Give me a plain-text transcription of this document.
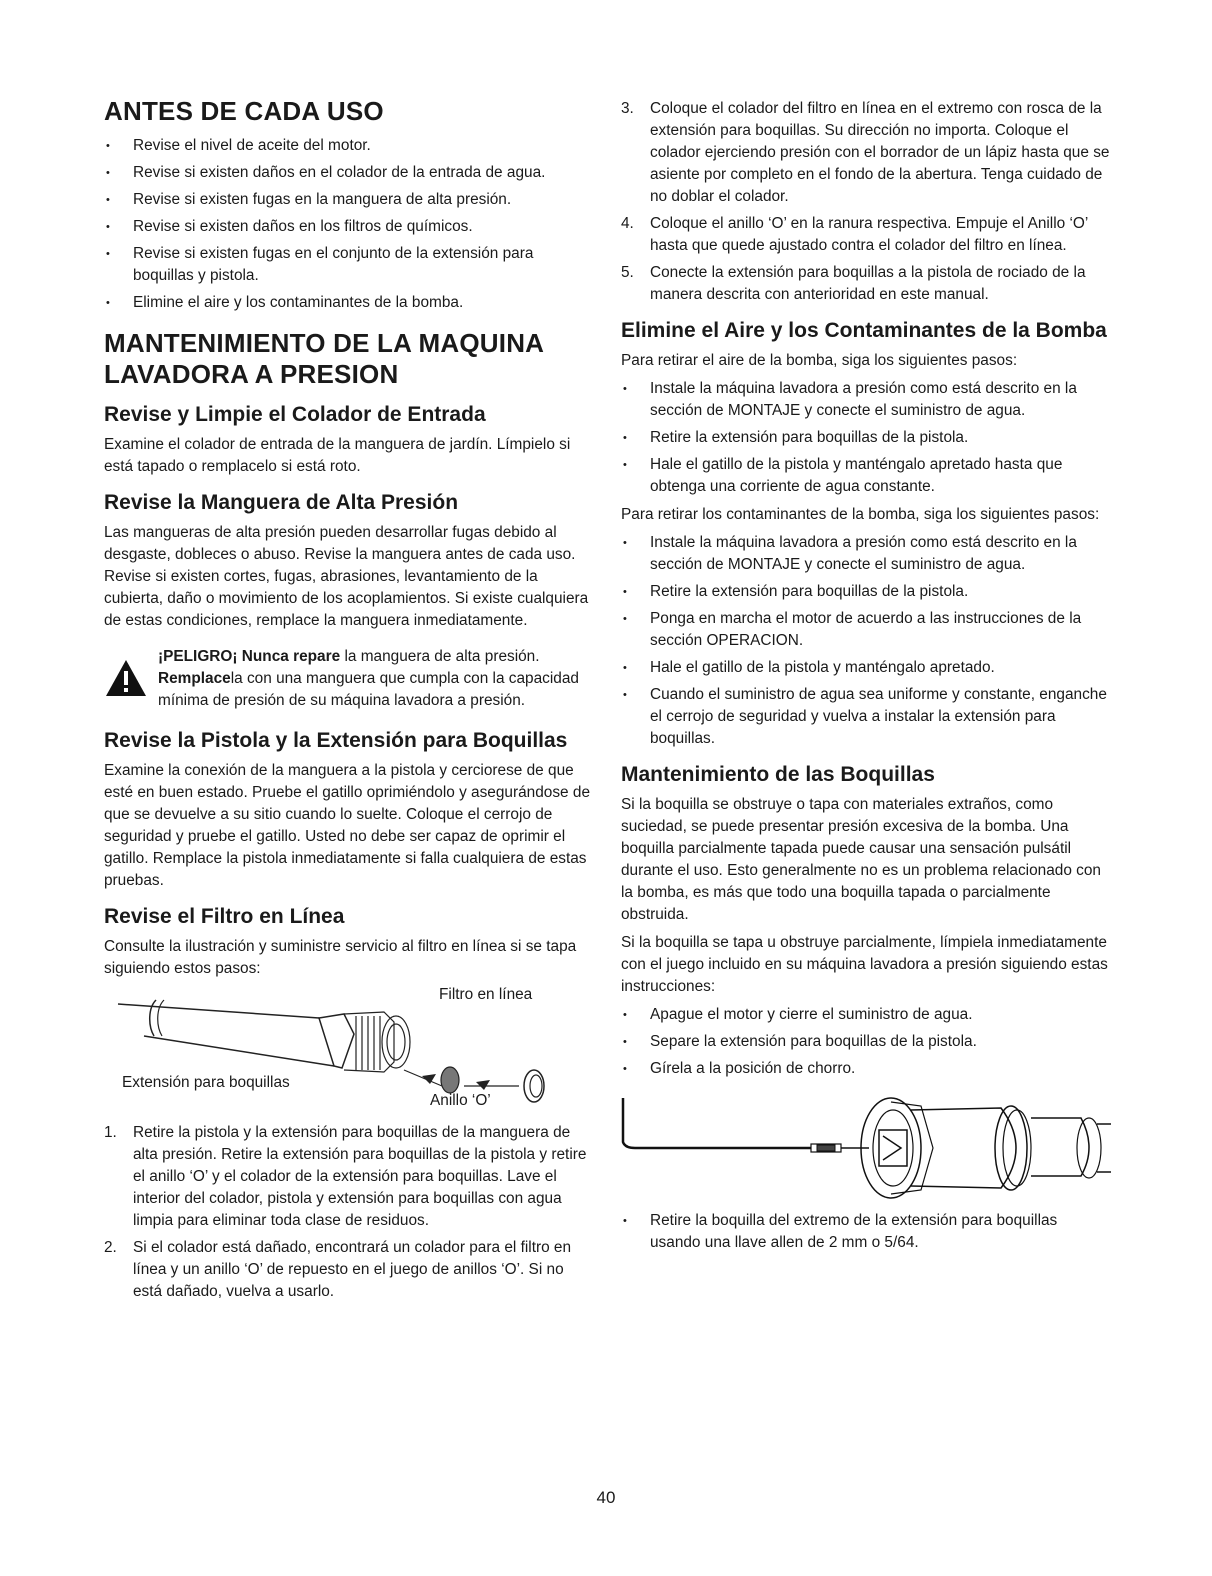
ANTES DE CADA USO
• Revise el nivel de aceite del motor.
• Revise si existen daños en el colador de la entrada de agua.
• Revise si existen fugas en la manguera de alta presión.
• Revise si existen daños en los filtros de químicos.
• Revise si existen fugas en el conjunto de la extensión para boquillas y pistola.
• Elimine el aire y los contaminantes de la bomba.
MANTENIMIENTO DE LA MAQUINA LAVADORA A PRESION
Revise y Limpie el Colador de Entrada

Examine el colador de entrada de la manguera de jardín. Límpielo si está tapado o remplacelo si está roto.

Revise la Manguera de Alta Presión

Las mangueras de alta presión pueden desarrollar fugas debido al desgaste, dobleces o abuso. Revise la manguera antes de cada uso. Revise si existen cortes, fugas, abrasiones, levantamiento de la cubierta, daño o movimiento de los acoplamientos. Si existe cualquiera de estas condiciones, remplace la manguera inmediatamente.

¡PELIGRO¡ Nunca repare la manguera de alta presión. Remplacela con una manguera que cumpla con la capacidad mínima de presión de su máquina lavadora a presión.
Revise la Pistola y la Extensión para Boquillas

Examine la conexión de la manguera a la pistola y cerciorese de que esté en buen estado. Pruebe el gatillo oprimiéndolo y asegurándose de que se devuelve a su sitio cuando lo suelte. Coloque el cerrojo de seguridad y pruebe el gatillo. Usted no debe ser capaz de oprimir el gatillo. Remplace la pistola inmediatamente si falla cualquiera de estas pruebas.

Revise el Filtro en Línea

Consulte la ilustración y suministre servicio al filtro en línea si se tapa siguiendo estos pasos:

Filtro en línea
Extensión para boquillas
Anillo ‘O’
1. Retire la pistola y la extensión para boquillas de la manguera de alta presión. Retire la extensión para boquillas de la pistola y retire el anillo ‘O’ y el colador de la extensión para boquillas. Lave el interior del colador, pistola y extensión para boquillas con agua limpia para eliminar toda clase de residuos.
2. Si el colador está dañado, encontrará un colador para el filtro en línea y un anillo ‘O’ de repuesto en el juego de anillos ‘O’. Si no está dañado, vuelva a usarlo.
3. Coloque el colador del filtro en línea en el extremo con rosca de la extensión para boquillas. Su dirección no importa. Coloque el colador ejerciendo presión con el borrador de un lápiz hasta que se asiente por completo en el fondo de la abertura. Tenga cuidado de no doblar el colador.
4. Coloque el anillo ‘O’ en la ranura respectiva. Empuje el Anillo ‘O’ hasta que quede ajustado contra el colador del filtro en línea.
5. Conecte la extensión para boquillas a la pistola de rociado de la manera descrita con anterioridad en este manual.
Elimine el Aire y los Contaminantes de la Bomba

Para retirar el aire de la bomba, siga los siguientes pasos:

• Instale la máquina lavadora a presión como está descrito en la sección de MONTAJE y conecte el suministro de agua.
• Retire la extensión para boquillas de la pistola.
• Hale el gatillo de la pistola y manténgalo apretado hasta que obtenga una corriente de agua constante.

Para retirar los contaminantes de la bomba, siga los siguientes pasos:

• Instale la máquina lavadora a presión como está descrito en la sección de MONTAJE y conecte el suministro de agua.
• Retire la extensión para boquillas de la pistola.
• Ponga en marcha el motor de acuerdo a las instrucciones de la sección OPERACION.
• Hale el gatillo de la pistola y manténgalo apretado.
• Cuando el suministro de agua sea uniforme y constante, enganche el cerrojo de seguridad y vuelva a instalar la extensión para boquillas.
Mantenimiento de las Boquillas

Si la boquilla se obstruye o tapa con materiales extraños, como suciedad, se puede presentar presión excesiva de la bomba. Una boquilla parcialmente tapada puede causar una sensación pulsátil durante el uso. Esto generalmente no es un problema relacionado con la bomba, es más que todo una boquilla tapada o parcialmente obstruida.

Si la boquilla se tapa u obstruye parcialmente, límpiela inmediatamente con el juego incluido en su máquina lavadora a presión siguiendo estas instrucciones:

• Apague el motor y cierre el suministro de agua.
• Separe la extensión para boquillas de la pistola.
• Gírela a la posición de chorro.
• Retire la boquilla del extremo de la extensión para boquillas usando una llave allen de 2 mm o 5/64.
40
